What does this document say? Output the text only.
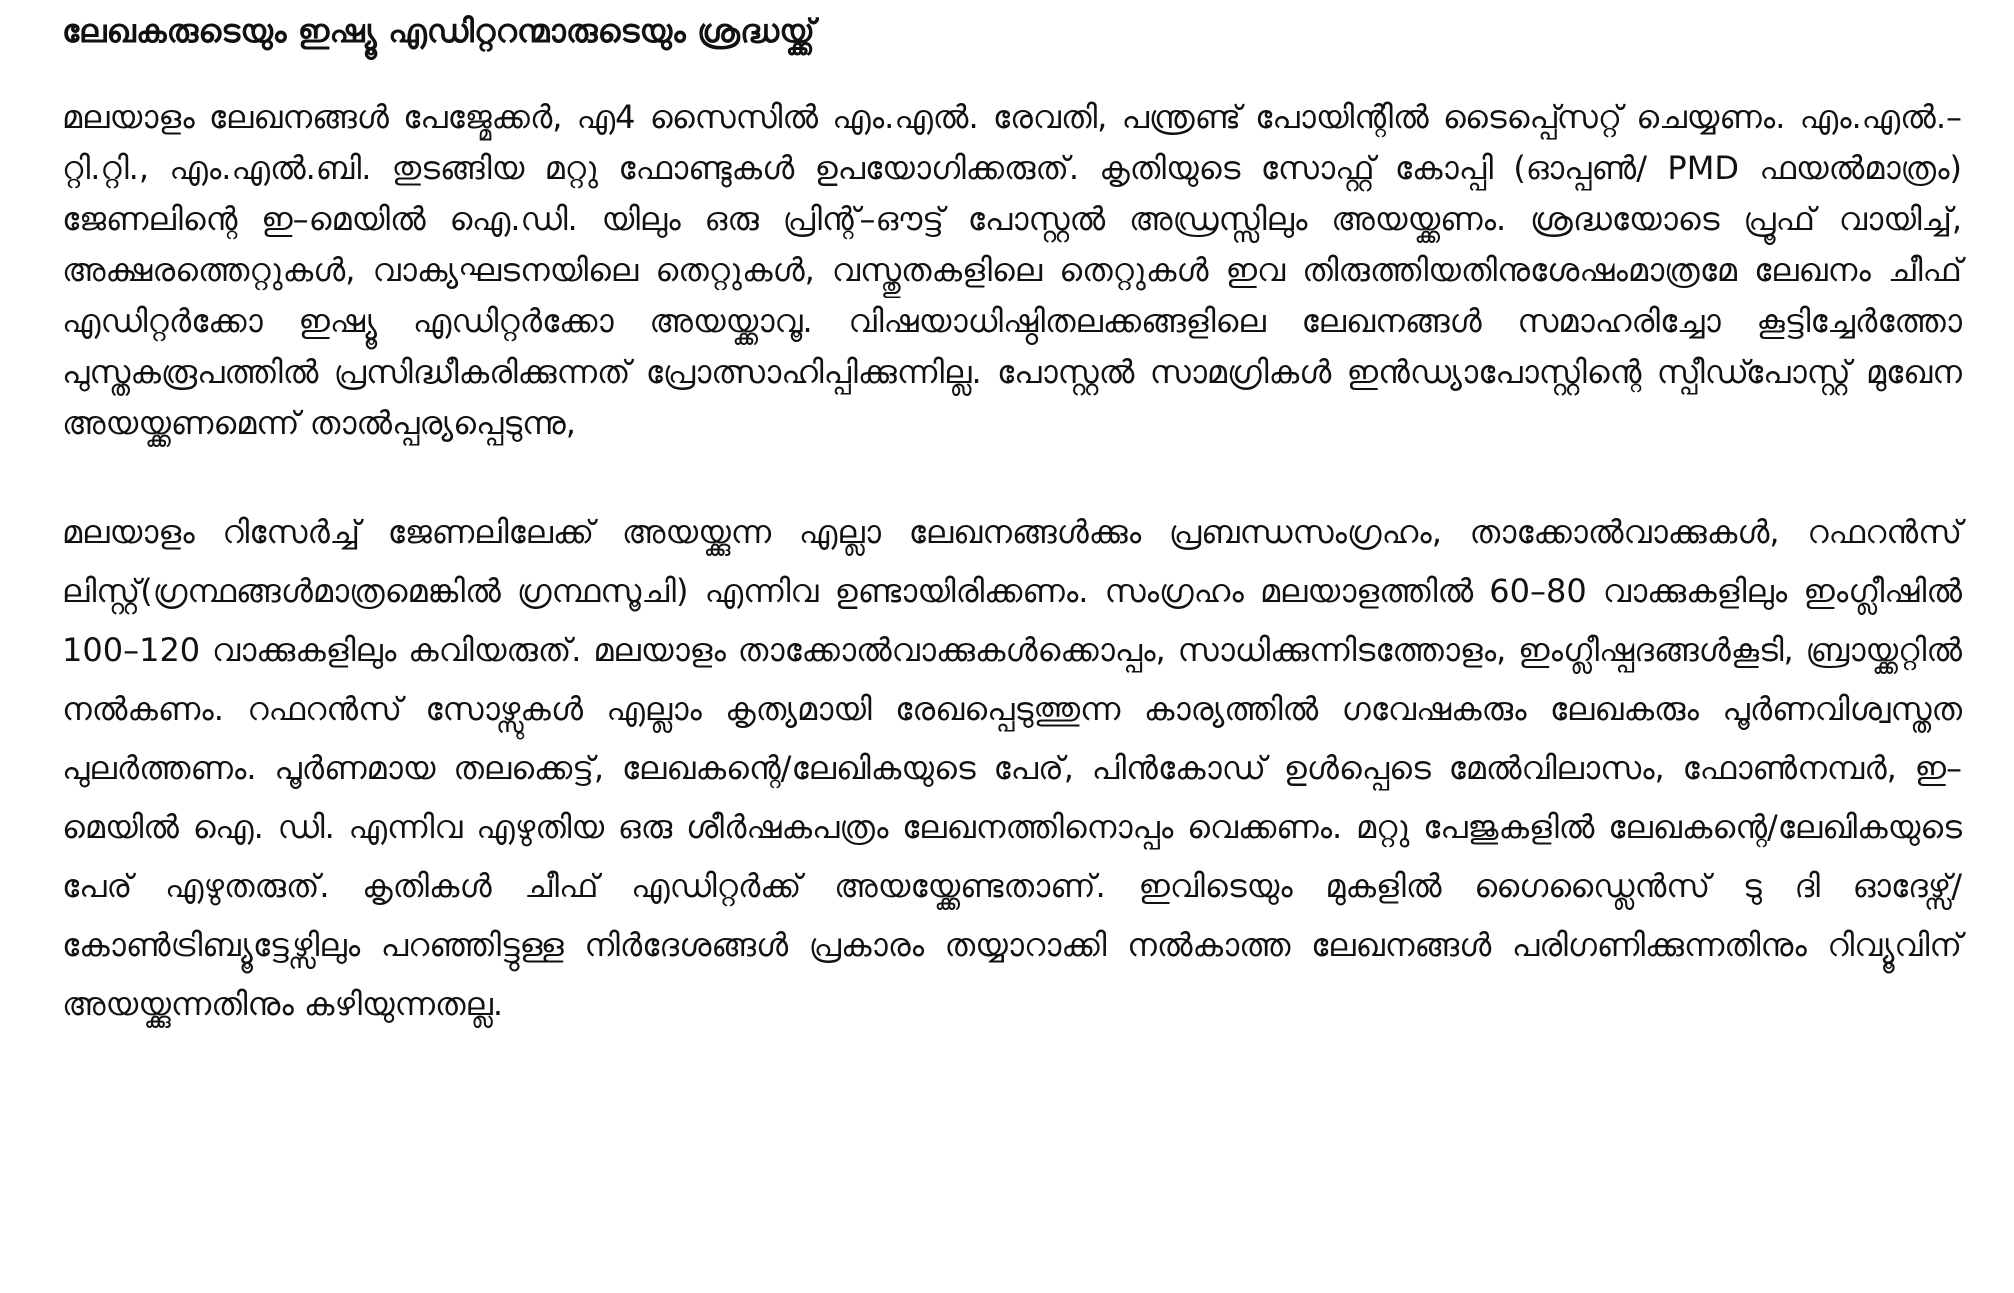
ലേഖകരുടെയും ഇഷ്യൂ എഡിറ്ററന്മാരുടെയും ശ്രദ്ധയ്ക്ക്

മലയാളം ലേഖനങ്ങൾ പേജ്മേക്കർ, എ4 സൈസിൽ എം.എൽ. രേവതി, പന്ത്രണ്ട് പോയിന്റിൽ ടൈപ്പ്സെറ്റ് ചെയ്യണം. എം.എൽ.–റ്റി.റ്റി., എം.എൽ.ബി. തുടങ്ങിയ മറ്റു ഫോണ്ടുകൾ ഉപയോഗിക്കരുത്. കൃതിയുടെ സോഫ്റ്റ് കോപ്പി (ഓപ്പൺ/ PMD ഫയൽമാത്രം) ജേണലിന്റെ ഇ–മെയിൽ ഐ.ഡി. യിലും ഒരു പ്രിന്റ്–ഔട്ട് പോസ്റ്റൽ അഡ്രസ്സിലും അയയ്ക്കണം. ശ്രദ്ധയോടെ പ്രൂഫ് വായിച്ച്, അക്ഷരത്തെറ്റുകൾ, വാക്യഘടനയിലെ തെറ്റുകൾ, വസ്തുതകളിലെ തെറ്റുകൾ ഇവ തിരുത്തിയതിനുശേഷംമാത്രമേ ലേഖനം ചീഫ് എഡിറ്റർക്കോ ഇഷ്യൂ എഡിറ്റർക്കോ അയയ്ക്കാവൂ. വിഷയാധിഷ്ഠിതലക്കങ്ങളിലെ ലേഖനങ്ങൾ സമാഹരിച്ചോ കൂട്ടിച്ചേർത്തോ പുസ്തകരൂപത്തിൽ പ്രസിദ്ധീകരിക്കുന്നത് പ്രോത്സാഹിപ്പിക്കുന്നില്ല. പോസ്റ്റൽ സാമഗ്രികൾ ഇൻഡ്യാപോസ്റ്റിന്റെ സ്പീഡ്പോസ്റ്റ് മുഖേന അയയ്ക്കണമെന്ന് താൽപ്പര്യപ്പെടുന്നു,

മലയാളം റിസേർച്ച് ജേണലിലേക്ക് അയയ്ക്കുന്ന എല്ലാ ലേഖനങ്ങൾക്കും പ്രബന്ധസംഗ്രഹം, താക്കോൽവാക്കുകൾ, റഫറൻസ് ലിസ്റ്റ്(ഗ്രന്ഥങ്ങൾമാത്രമെങ്കിൽ ഗ്രന്ഥസൂചി) എന്നിവ ഉണ്ടായിരിക്കണം. സംഗ്രഹം മലയാളത്തിൽ 60–80 വാക്കുകളിലും ഇംഗ്ലീഷിൽ 100–120 വാക്കുകളിലും കവിയരുത്. മലയാളം താക്കോൽവാക്കുകൾക്കൊപ്പം, സാധിക്കുന്നിടത്തോളം, ഇംഗ്ലീഷ്പദങ്ങൾകൂടി, ബ്രായ്ക്കറ്റിൽ നൽകണം. റഫറൻസ് സോഴ്സുകൾ എല്ലാം കൃത്യമായി രേഖപ്പെടുത്തുന്ന കാര്യത്തിൽ ഗവേഷകരും ലേഖകരും പൂർണവിശ്വസ്തത പുലർത്തണം. പൂർണമായ തലക്കെട്ട്, ലേഖകന്റെ/ലേഖികയുടെ പേര്, പിൻകോഡ് ഉൾപ്പെടെ മേൽവിലാസം, ഫോൺനമ്പർ, ഇ–മെയിൽ ഐ. ഡി. എന്നിവ എഴുതിയ ഒരു ശീർഷകപത്രം ലേഖനത്തിനൊപ്പം വെക്കണം. മറ്റു പേജുകളിൽ ലേഖകന്റെ/ലേഖികയുടെ പേര് എഴുതരുത്. കൃതികൾ ചീഫ് എഡിറ്റർക്ക് അയയ്ക്കേണ്ടതാണ്. ഇവിടെയും മുകളിൽ ഗൈഡ്ലൈൻസ് ടു ദി ഓദേഴ്സ്/ കോൺട്രിബ്യൂട്ടേഴ്സിലും പറഞ്ഞിട്ടുള്ള നിർദേശങ്ങൾ പ്രകാരം തയ്യാറാക്കി നൽകാത്ത ലേഖനങ്ങൾ പരിഗണിക്കുന്നതിനും റിവ്യൂവിന് അയയ്ക്കുന്നതിനും കഴിയുന്നതല്ല.
